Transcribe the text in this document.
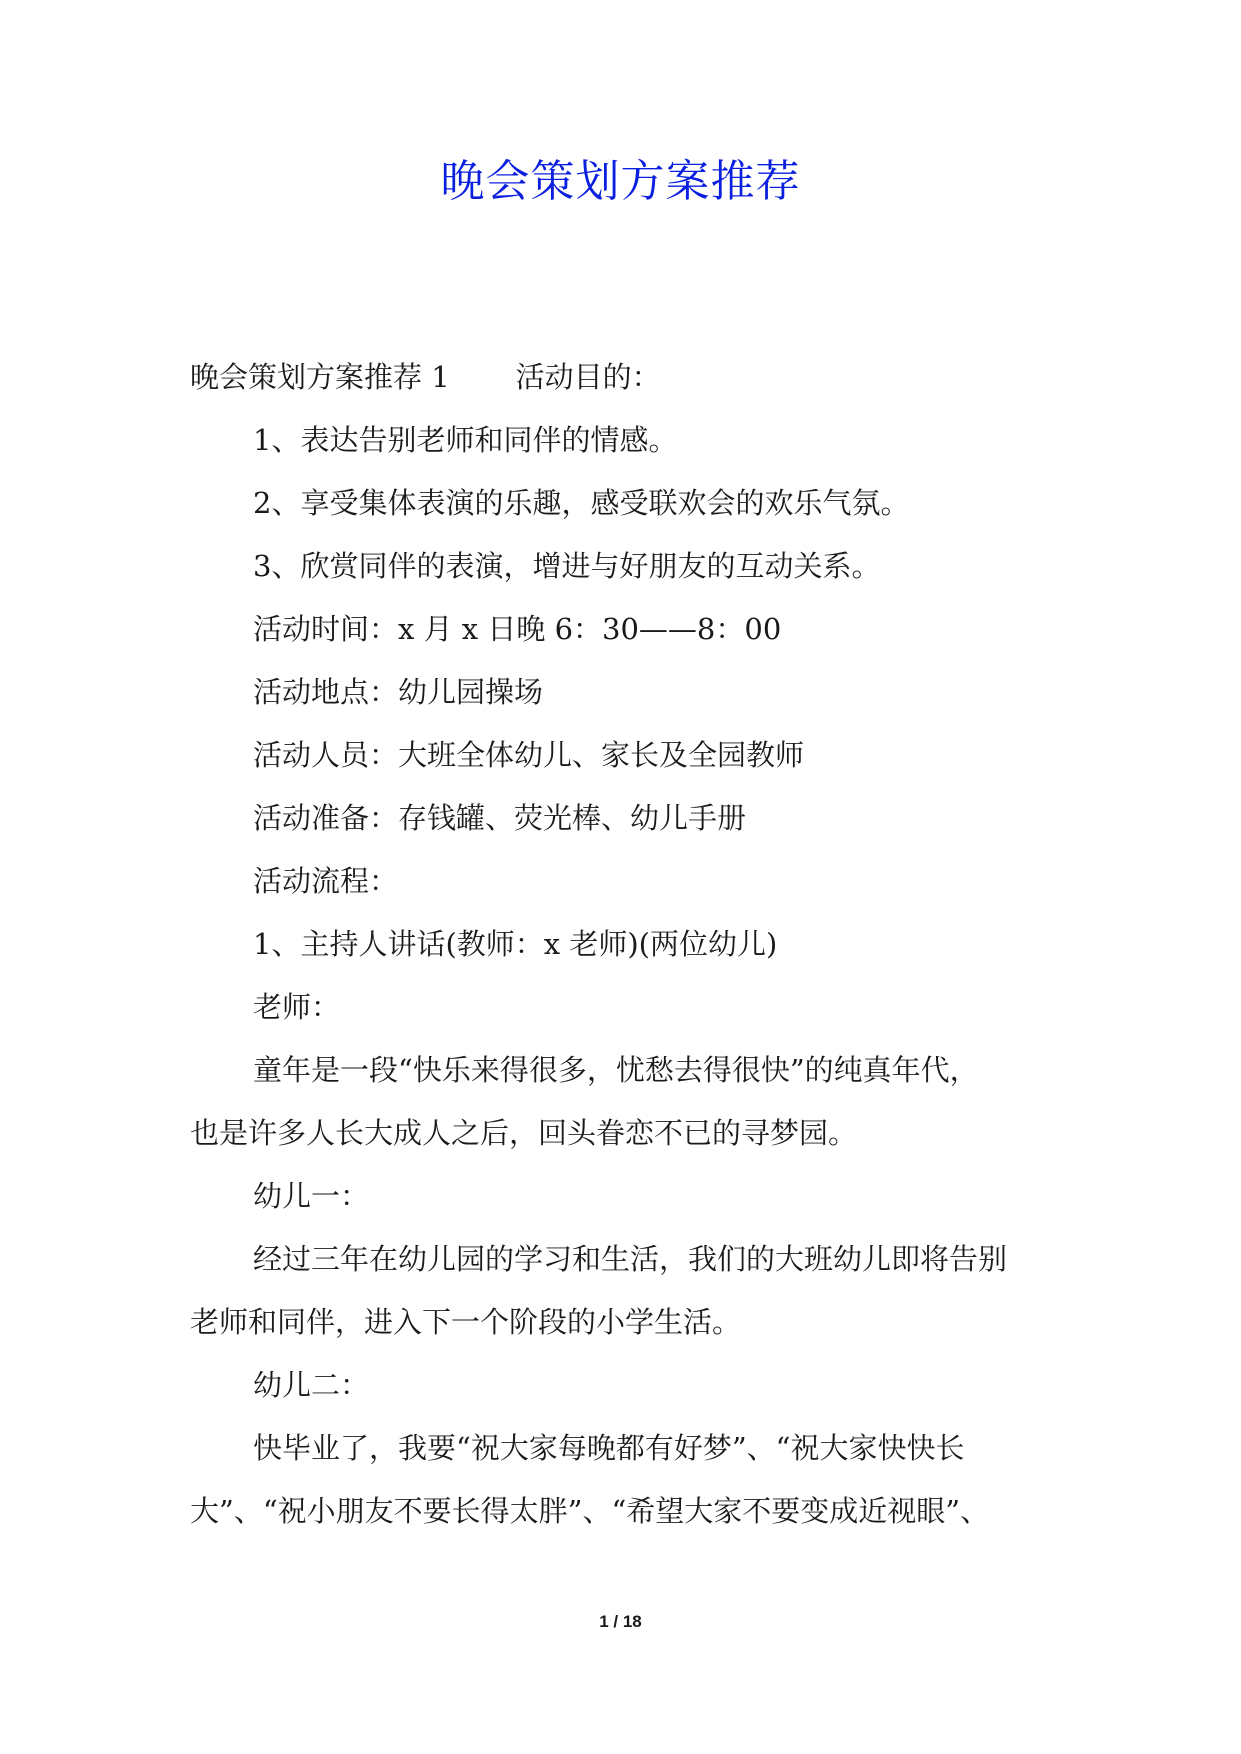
晚会策划方案推荐
晚会策划方案推荐 1 活动目的：
1、表达告别老师和同伴的情感。
2、享受集体表演的乐趣，感受联欢会的欢乐气氛。
3、欣赏同伴的表演，增进与好朋友的互动关系。
活动时间：x 月 x 日晚 6：30——8：00
活动地点：幼儿园操场
活动人员：大班全体幼儿、家长及全园教师
活动准备：存钱罐、荧光棒、幼儿手册
活动流程：
1、主持人讲话(教师：x 老师)(两位幼儿)
老师：
童年是一段“快乐来得很多，忧愁去得很快”的纯真年代，
也是许多人长大成人之后，回头眷恋不已的寻梦园。
幼儿一：
经过三年在幼儿园的学习和生活，我们的大班幼儿即将告别
老师和同伴，进入下一个阶段的小学生活。
幼儿二：
快毕业了，我要“祝大家每晚都有好梦”、“祝大家快快长
大”、“祝小朋友不要长得太胖”、“希望大家不要变成近视眼”、
1 / 18
